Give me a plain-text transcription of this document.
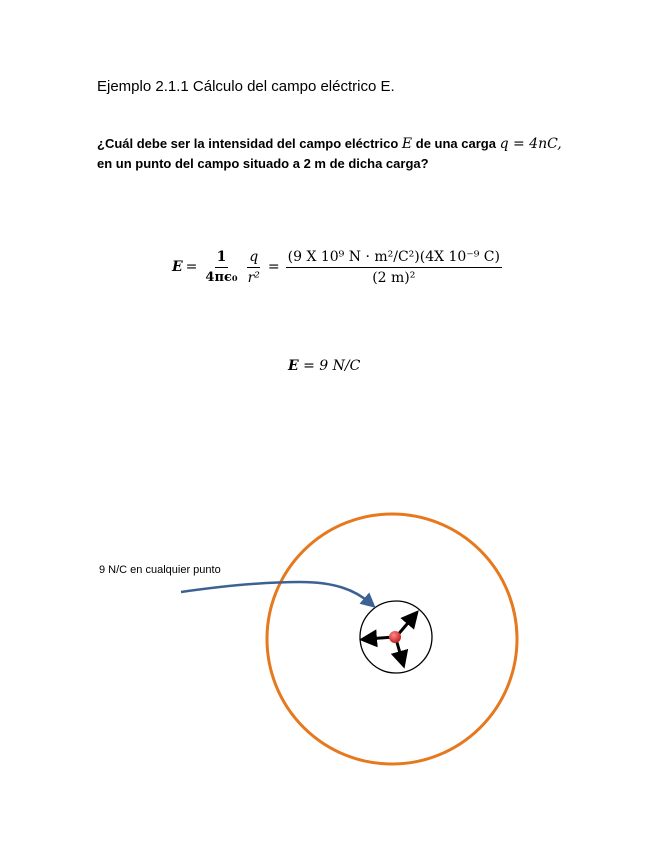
Ejemplo 2.1.1 Cálculo del campo eléctrico E.
¿Cuál debe ser la intensidad del campo eléctrico E de una carga q = 4nC,
en un punto del campo situado a 2 m de dicha carga?
$E = \frac{1}{\text{4πϵ₀}} \frac{q}{\text{r²}} = \frac{\text{(9 X 10⁹ N · m²/C²)(4X 10⁻⁹ C)}}{\text{(2 m)²}}$
E = 9 N/C
9 N/C en cualquier punto
